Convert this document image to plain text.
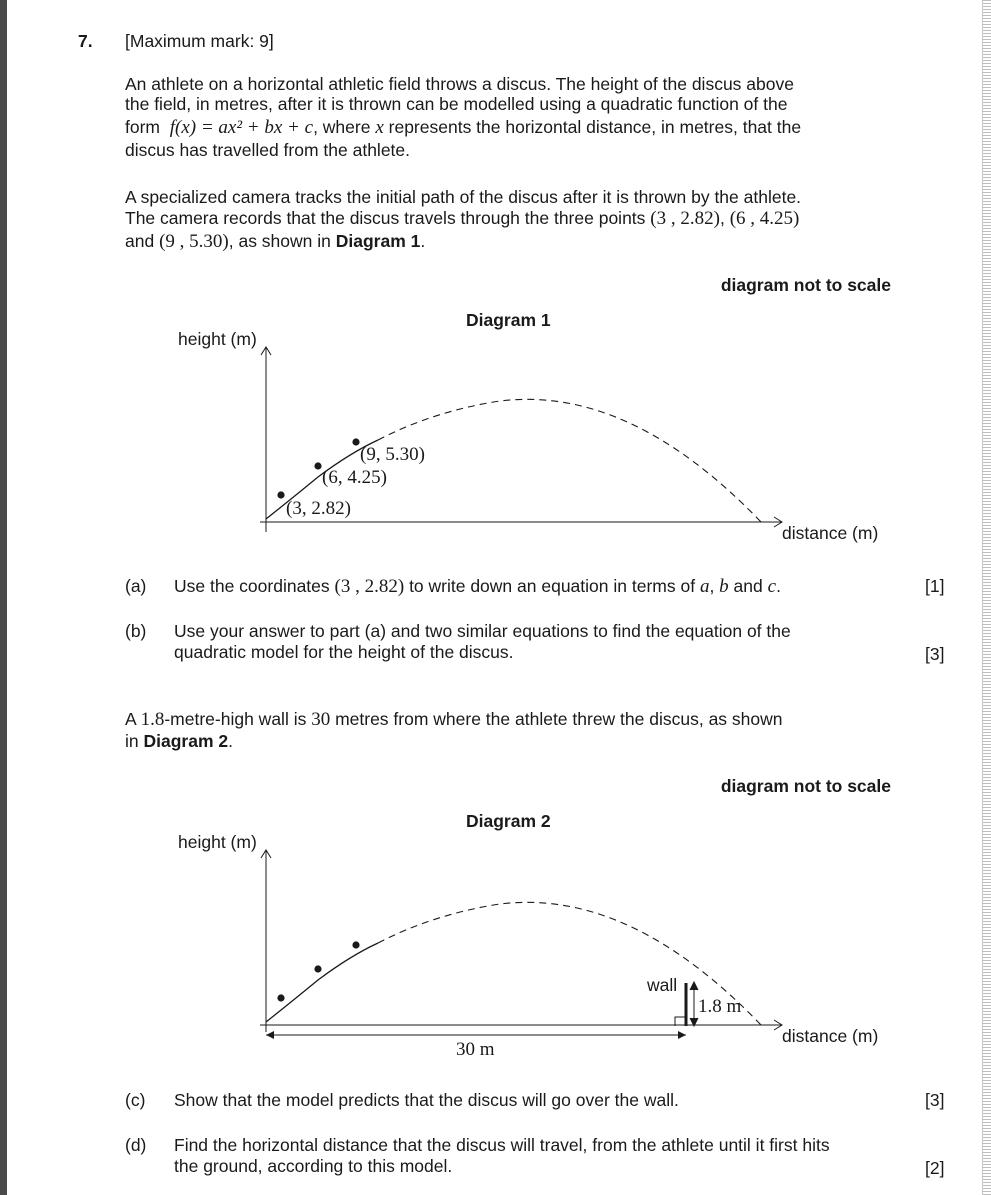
7. [Maximum mark: 9]
An athlete on a horizontal athletic field throws a discus. The height of the discus above
the field, in metres, after it is thrown can be modelled using a quadratic function of the
form f(x) = ax² + bx + c, where x represents the horizontal distance, in metres, that the
discus has travelled from the athlete.
A specialized camera tracks the initial path of the discus after it is thrown by the athlete.
The camera records that the discus travels through the three points (3 , 2.82), (6 , 4.25)
and (9 , 5.30), as shown in Diagram 1.
diagram not to scale
Diagram 1
height (m)
distance (m)
(3, 2.82)
(6, 4.25)
(9, 5.30)
(a) Use the coordinates (3 , 2.82) to write down an equation in terms of a, b and c.	[1]
(b) Use your answer to part (a) and two similar equations to find the equation of the
quadratic model for the height of the discus.	[3]
A 1.8-metre-high wall is 30 metres from where the athlete threw the discus, as shown
in Diagram 2.
diagram not to scale
Diagram 2
height (m)
distance (m)
wall
1.8 m
30 m
(c) Show that the model predicts that the discus will go over the wall.	[3]
(d) Find the horizontal distance that the discus will travel, from the athlete until it first hits
the ground, according to this model.	[2]
